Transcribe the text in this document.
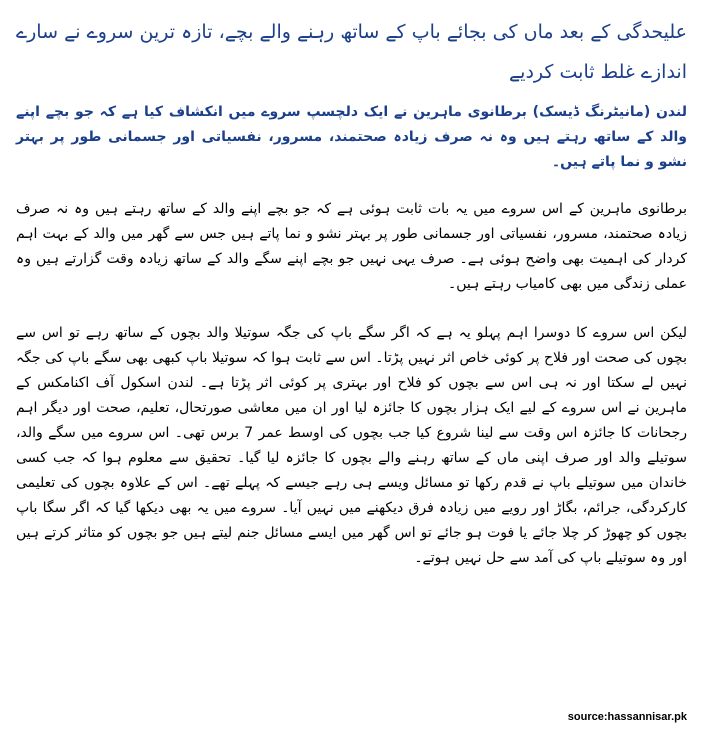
علیحدگی کے بعد ماں کی بجائے باپ کے ساتھ رہنے والے بچے، تازہ ترین سروے نے سارے اندازے غلط ثابت کردیے

لندن (مانیٹرنگ ڈیسک) برطانوی ماہرین نے ایک دلچسپ سروے میں انکشاف کیا ہے کہ جو بچے اپنے والد کے ساتھ رہتے ہیں وہ نہ صرف زیادہ صحتمند، مسرور، نفسیاتی اور جسمانی طور پر بہتر نشو و نما پاتے ہیں۔

برطانوی ماہرین کے اس سروے میں یہ بات ثابت ہوئی ہے کہ جو بچے اپنے والد کے ساتھ رہتے ہیں وہ نہ صرف زیادہ صحتمند، مسرور، نفسیاتی اور جسمانی طور پر بہتر نشو و نما پاتے ہیں جس سے گھر میں والد کے بہت اہم کردار کی اہمیت بھی واضح ہوئی ہے۔ صرف یہی نہیں جو بچے اپنے سگے والد کے ساتھ زیادہ وقت گزارتے ہیں وہ عملی زندگی میں بھی کامیاب رہتے ہیں۔

لیکن اس سروے کا دوسرا اہم پہلو یہ ہے کہ اگر سگے باپ کی جگہ سوتیلا والد بچوں کے ساتھ رہے تو اس سے بچوں کی صحت اور فلاح پر کوئی خاص اثر نہیں پڑتا۔ اس سے ثابت ہوا کہ سوتیلا باپ کبھی بھی سگے باپ کی جگہ نہیں لے سکتا اور نہ ہی اس سے بچوں کو فلاح اور بہتری پر کوئی اثر پڑتا ہے۔ لندن اسکول آف اکنامکس کے ماہرین نے اس سروے کے لیے ایک ہزار بچوں کا جائزہ لیا اور ان میں معاشی صورتحال، تعلیم، صحت اور دیگر اہم رجحانات کا جائزہ اس وقت سے لینا شروع کیا جب بچوں کی اوسط عمر 7 برس تھی۔ اس سروے میں سگے والد، سوتیلے والد اور صرف اپنی ماں کے ساتھ رہنے والے بچوں کا جائزہ لیا گیا۔ تحقیق سے معلوم ہوا کہ جب کسی خاندان میں سوتیلے باپ نے قدم رکھا تو مسائل ویسے ہی رہے جیسے کہ پہلے تھے۔ اس کے علاوہ بچوں کی تعلیمی کارکردگی، جرائم، بگاڑ اور رویے میں زیادہ فرق دیکھنے میں نہیں آیا۔ سروے میں یہ بھی دیکھا گیا کہ اگر سگا باپ بچوں کو چھوڑ کر چلا جائے یا فوت ہو جائے تو اس گھر میں ایسے مسائل جنم لیتے ہیں جو بچوں کو متاثر کرتے ہیں اور وہ سوتیلے باپ کی آمد سے حل نہیں ہوتے۔

source:hassannisar.pk
